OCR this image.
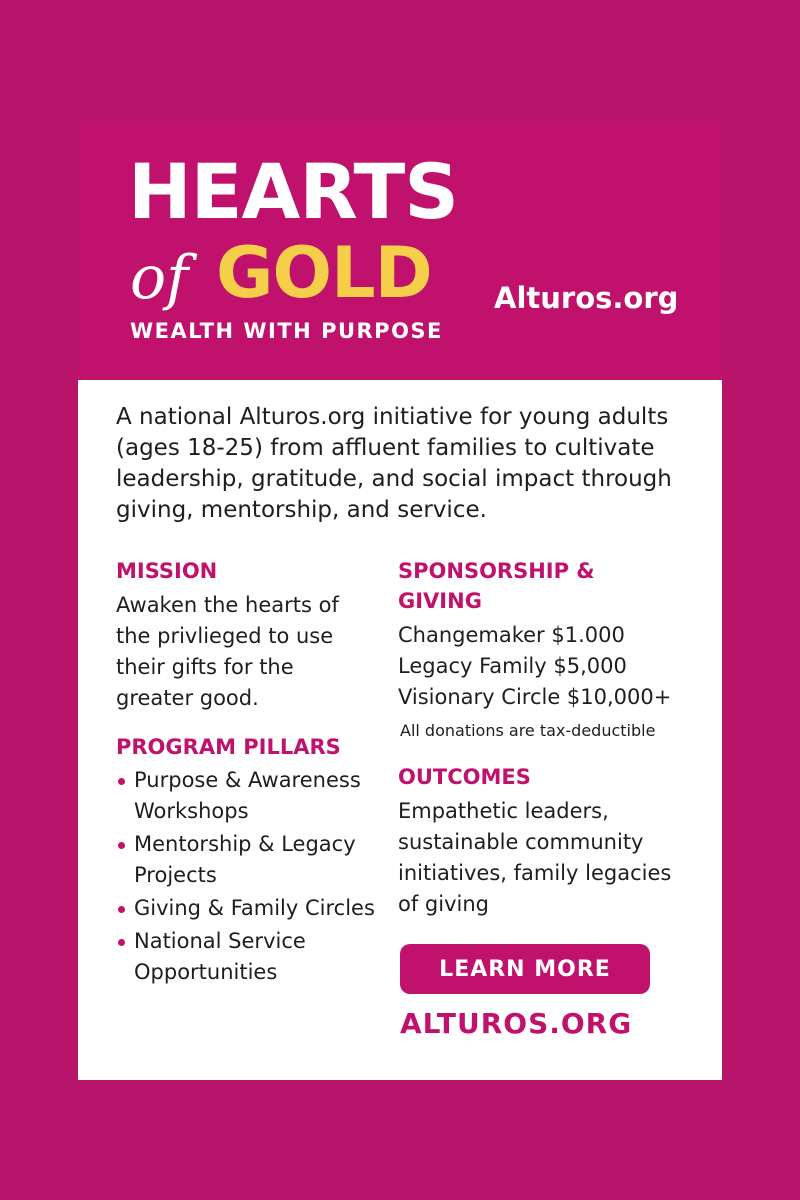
HEARTS
of GOLD
WEALTH WITH PURPOSE
Alturos.org

A national Alturos.org initiative for young adults (ages 18-25) from affluent families to cultivate leadership, gratitude, and social impact through giving, mentorship, and service.

MISSION

Awaken the hearts of the privlieged to use their gifts for the greater good.

PROGRAM PILLARS
Purpose & Awareness Workshops
Mentorship & Legacy Projects
Giving & Family Circles
National Service Opportunities
SPONSORSHIP & GIVING
Changemaker $1.000
Legacy Family $5,000
Visionary Circle $10,000+
All donations are tax-deductible
OUTCOMES

Empathetic leaders, sustainable community initiatives, family legacies of giving

LEARN MORE
ALTUROS.ORG
